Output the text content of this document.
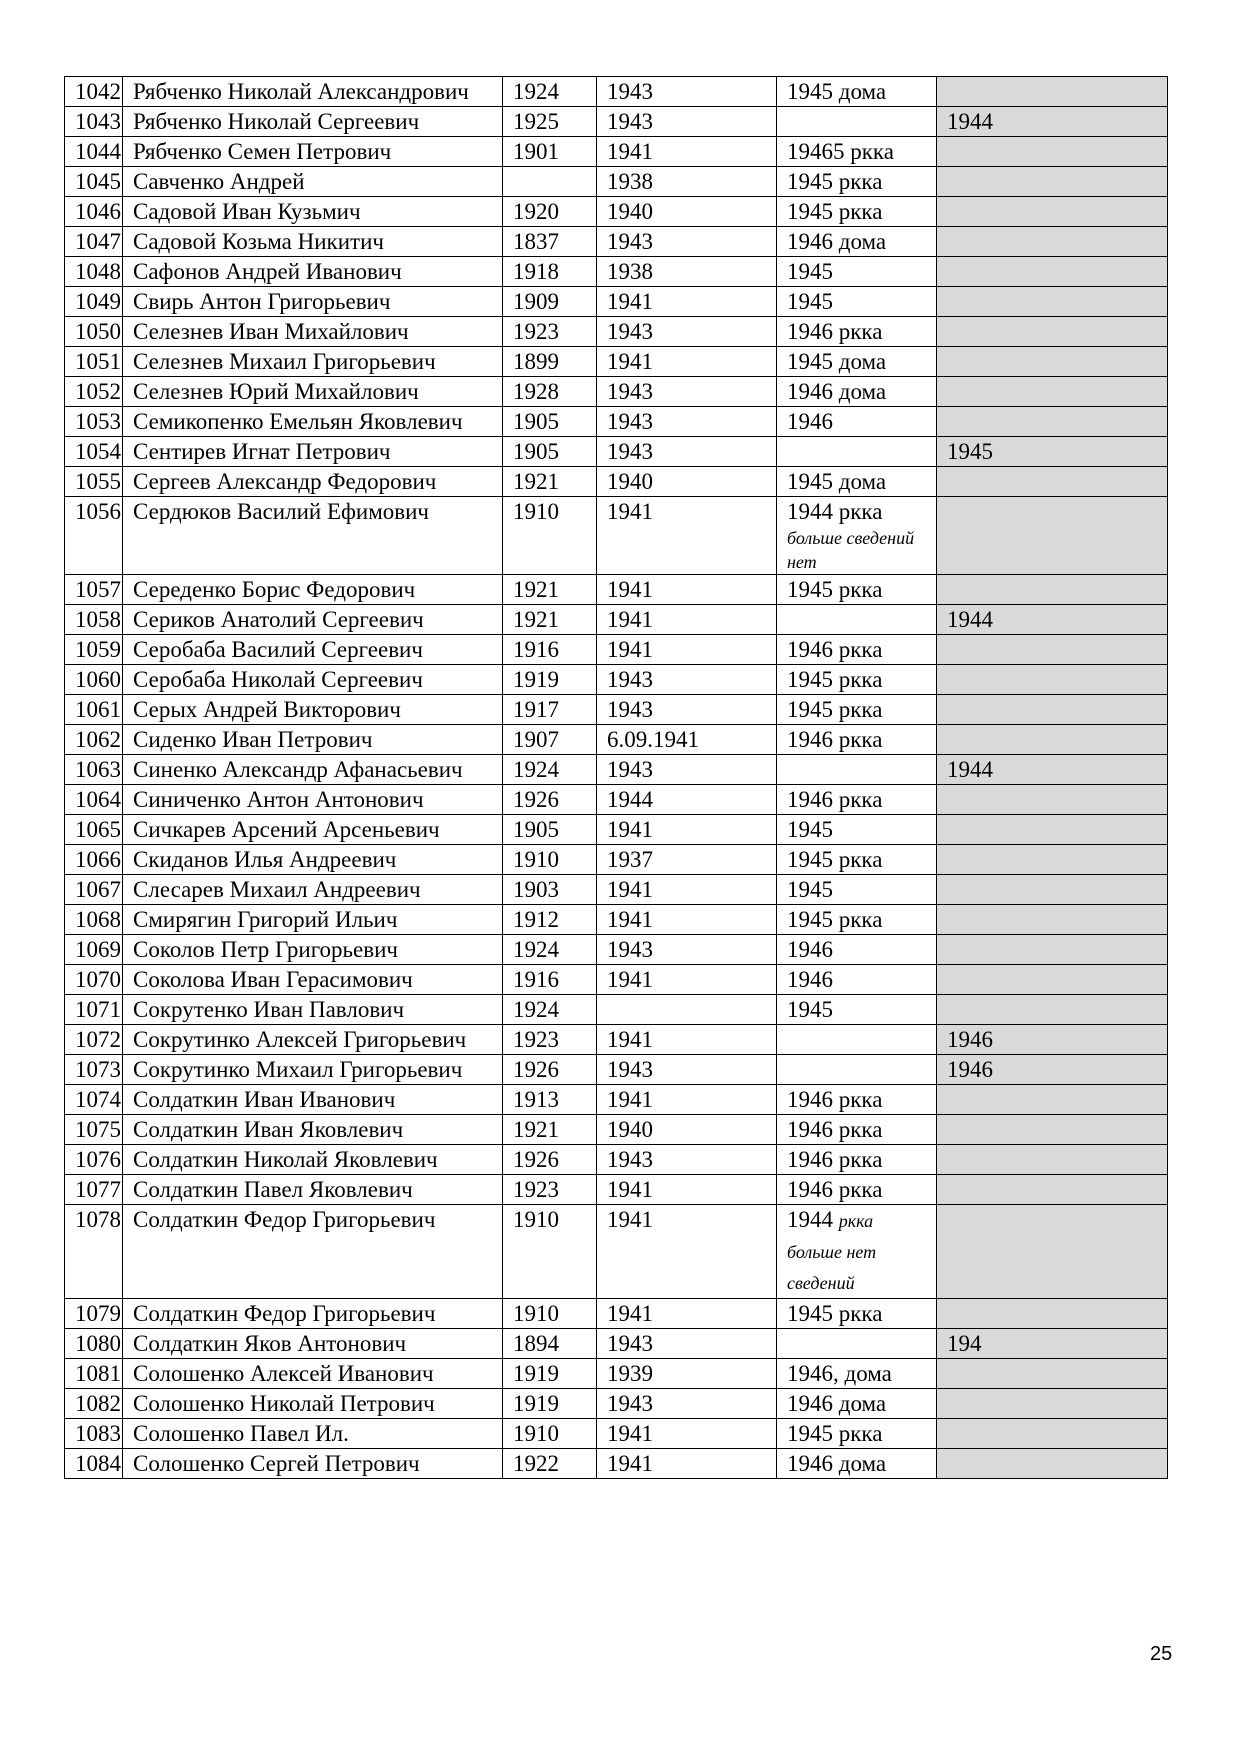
1042	Рябченко Николай Александрович	1924	1943	1945 дома	
1043	Рябченко Николай Сергеевич	1925	1943		1944
1044	Рябченко Семен Петрович	1901	1941	19465 ркка	
1045	Савченко Андрей		1938	1945 ркка	
1046	Садовой Иван Кузьмич	1920	1940	1945 ркка	
1047	Садовой Козьма Никитич	1837	1943	1946 дома	
1048	Сафонов Андрей Иванович	1918	1938	1945	
1049	Свирь Антон Григорьевич	1909	1941	1945	
1050	Селезнев Иван Михайлович	1923	1943	1946 ркка	
1051	Селезнев Михаил Григорьевич	1899	1941	1945 дома	
1052	Селезнев Юрий Михайлович	1928	1943	1946 дома	
1053	Семикопенко Емельян Яковлевич	1905	1943	1946	
1054	Сентирев Игнат Петрович	1905	1943		1945
1055	Сергеев Александр Федорович	1921	1940	1945 дома	
1056	Сердюков Василий Ефимович	1910	1941	1944 ркка
больше сведений нет	

1057	Середенко Борис Федорович	1921	1941	1945 ркка	
1058	Сериков Анатолий Сергеевич	1921	1941		1944
1059	Серобаба Василий Сергеевич	1916	1941	1946 ркка	
1060	Серобаба Николай Сергеевич	1919	1943	1945 ркка	
1061	Серых Андрей Викторович	1917	1943	1945 ркка	
1062	Сиденко Иван Петрович	1907	6.09.1941	1946 ркка	
1063	Синенко Александр Афанасьевич	1924	1943		1944
1064	Синиченко Антон Антонович	1926	1944	1946 ркка	
1065	Сичкарев Арсений Арсеньевич	1905	1941	1945	
1066	Скиданов Илья Андреевич	1910	1937	1945 ркка	
1067	Слесарев Михаил Андреевич	1903	1941	1945	
1068	Смирягин Григорий Ильич	1912	1941	1945 ркка	
1069	Соколов Петр Григорьевич	1924	1943	1946	
1070	Соколова Иван Герасимович	1916	1941	1946	
1071	Сокрутенко Иван Павлович	1924		1945	
1072	Сокрутинко Алексей Григорьевич	1923	1941		1946
1073	Сокрутинко Михаил Григорьевич	1926	1943		1946
1074	Солдаткин Иван Иванович	1913	1941	1946 ркка	
1075	Солдаткин Иван Яковлевич	1921	1940	1946 ркка	
1076	Солдаткин Николай Яковлевич	1926	1943	1946 ркка	
1077	Солдаткин Павел Яковлевич	1923	1941	1946 ркка	
1078	Солдаткин Федор Григорьевич	1910	1941	1944 ркка больше нет сведений	
1079	Солдаткин Федор Григорьевич	1910	1941	1945 ркка	
1080	Солдаткин Яков Антонович	1894	1943		194
1081	Солошенко Алексей Иванович	1919	1939	1946, дома	
1082	Солошенко Николай Петрович	1919	1943	1946 дома	
1083	Солошенко Павел Ил.	1910	1941	1945 ркка	
1084	Солошенко Сергей Петрович	1922	1941	1946 дома	
25
